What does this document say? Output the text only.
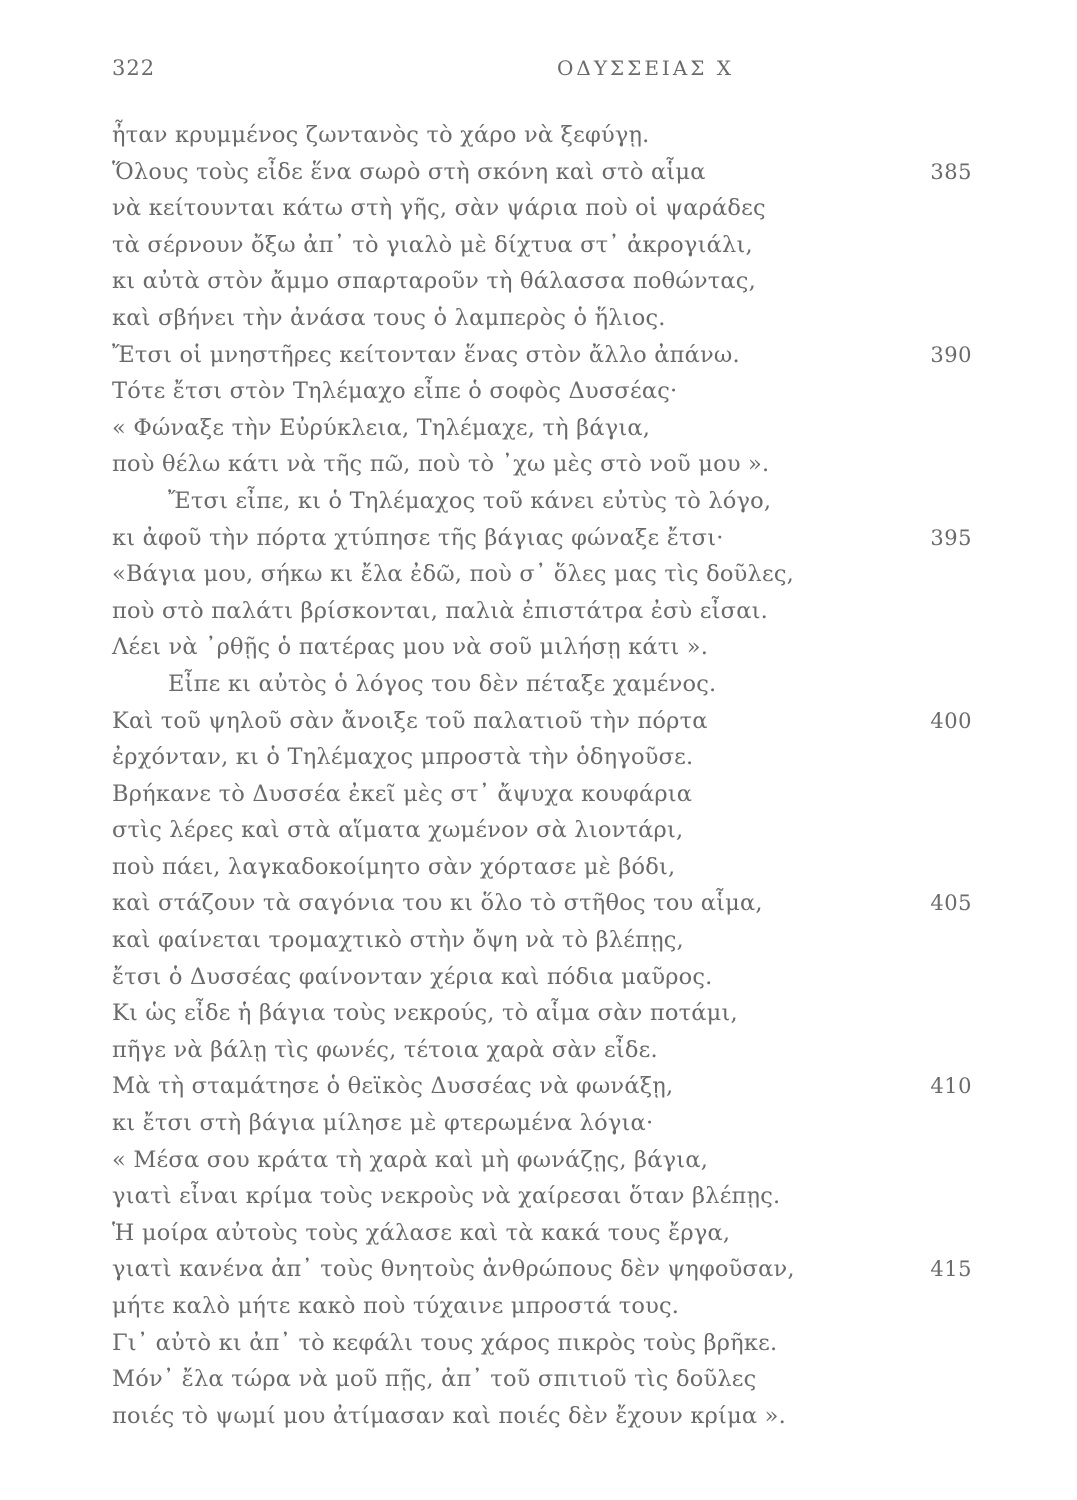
322	ΟΔΥΣΣΕΙΑΣ Χ
ἦταν κρυμμένος ζωντανὸς τὸ χάρο νὰ ξεφύγῃ.
Ὅλους τοὺς εἶδε ἕνα σωρὸ στὴ σκόνη καὶ στὸ αἷμα	385
νὰ κείτουνται κάτω στὴ γῆς, σὰν ψάρια ποὺ οἱ ψαράδες
τὰ σέρνουν ὄξω ἀπ᾽ τὸ γιαλὸ μὲ δίχτυα στ᾽ ἀκρογιάλι,
κι αὐτὰ στὸν ἄμμο σπαρταροῦν τὴ θάλασσα ποθώντας,
καὶ σβήνει τὴν ἀνάσα τους ὁ λαμπερὸς ὁ ἥλιος.
Ἔτσι οἱ μνηστῆρες κείτονταν ἕνας στὸν ἄλλο ἀπάνω.	390
Τότε ἔτσι στὸν Τηλέμαχο εἶπε ὁ σοφὸς Δυσσέας·
« Φώναξε τὴν Εὐρύκλεια, Τηλέμαχε, τὴ βάγια,
ποὺ θέλω κάτι νὰ τῆς πῶ, ποὺ τὸ ᾽χω μὲς στὸ νοῦ μου ».
Ἔτσι εἶπε, κι ὁ Τηλέμαχος τοῦ κάνει εὐτὺς τὸ λόγο,
κι ἀφοῦ τὴν πόρτα χτύπησε τῆς βάγιας φώναξε ἔτσι·	395
«Βάγια μου, σήκω κι ἔλα ἐδῶ, ποὺ σ᾽ ὅλες μας τὶς δοῦλες,
ποὺ στὸ παλάτι βρίσκονται, παλιὰ ἐπιστάτρα ἐσὺ εἶσαι.
Λέει νὰ ᾽ρθῇς ὁ πατέρας μου νὰ σοῦ μιλήσῃ κάτι ».
Εἶπε κι αὐτὸς ὁ λόγος του δὲν πέταξε χαμένος.
Καὶ τοῦ ψηλοῦ σὰν ἄνοιξε τοῦ παλατιοῦ τὴν πόρτα	400
ἐρχόνταν, κι ὁ Τηλέμαχος μπροστὰ τὴν ὁδηγοῦσε.
Βρήκανε τὸ Δυσσέα ἐκεῖ μὲς στ᾽ ἄψυχα κουφάρια
στὶς λέρες καὶ στὰ αἵματα χωμένον σὰ λιοντάρι,
ποὺ πάει, λαγκαδοκοίμητο σὰν χόρτασε μὲ βόδι,
καὶ στάζουν τὰ σαγόνια του κι ὅλο τὸ στῆθος του αἷμα,	405
καὶ φαίνεται τρομαχτικὸ στὴν ὄψη νὰ τὸ βλέπῃς,
ἔτσι ὁ Δυσσέας φαίνονταν χέρια καὶ πόδια μαῦρος.
Κι ὡς εἶδε ἡ βάγια τοὺς νεκρούς, τὸ αἷμα σὰν ποτάμι,
πῆγε νὰ βάλῃ τὶς φωνές, τέτοια χαρὰ σὰν εἶδε.
Μὰ τὴ σταμάτησε ὁ θεϊκὸς Δυσσέας νὰ φωνάξῃ,	410
κι ἔτσι στὴ βάγια μίλησε μὲ φτερωμένα λόγια·
« Μέσα σου κράτα τὴ χαρὰ καὶ μὴ φωνάζῃς, βάγια,
γιατὶ εἶναι κρίμα τοὺς νεκροὺς νὰ χαίρεσαι ὅταν βλέπῃς.
Ἡ μοίρα αὐτοὺς τοὺς χάλασε καὶ τὰ κακά τους ἔργα,
γιατὶ κανένα ἀπ᾽ τοὺς θνητοὺς ἀνθρώπους δὲν ψηφοῦσαν,	415
μήτε καλὸ μήτε κακὸ ποὺ τύχαινε μπροστά τους.
Γι᾽ αὐτὸ κι ἀπ᾽ τὸ κεφάλι τους χάρος πικρὸς τοὺς βρῆκε.
Μόν᾽ ἔλα τώρα νὰ μοῦ πῇς, ἀπ᾽ τοῦ σπιτιοῦ τὶς δοῦλες
ποιές τὸ ψωμί μου ἀτίμασαν καὶ ποιές δὲν ἔχουν κρίμα ».
